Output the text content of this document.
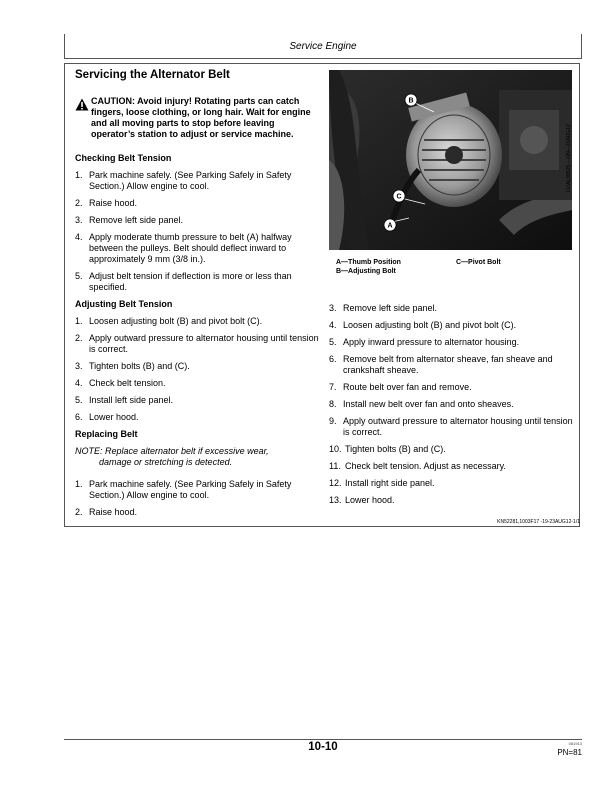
Service Engine
Servicing the Alternator Belt
CAUTION: Avoid injury! Rotating parts can catch fingers, loose clothing, or long hair. Wait for engine and all moving parts to stop before leaving operator’s station to adjust or service machine.
Checking Belt Tension
1. Park machine safely. (See Parking Safely in Safety Section.) Allow engine to cool.
2. Raise hood.
3. Remove left side panel.
4. Apply moderate thumb pressure to belt (A) halfway between the pulleys. Belt should deflect inward to approximately 9 mm (3/8 in.).
5. Adjust belt tension if deflection is more or less than specified.
Adjusting Belt Tension
1. Loosen adjusting bolt (B) and pivot bolt (C).
2. Apply outward pressure to alternator housing until tension is correct.
3. Tighten bolts (B) and (C).
4. Check belt tension.
5. Install left side panel.
6. Lower hood.
Replacing Belt
NOTE: Replace alternator belt if excessive wear,
damage or stretching is detected.
1. Park machine safely. (See Parking Safely in Safety Section.) Allow engine to cool.
2. Raise hood.
B
C
A
LV/AL38525 —UN—21AUG12
A—Thumb Position
B—Adjusting Bolt
C—Pivot Bolt
3. Remove left side panel.
4. Loosen adjusting bolt (B) and pivot bolt (C).
5. Apply inward pressure to alternator housing.
6. Remove belt from alternator sheave, fan sheave and crankshaft sheave.
7. Route belt over fan and remove.
8. Install new belt over fan and onto sheaves.
9. Apply outward pressure to alternator housing until tension is correct.
10. Tighten bolts (B) and (C).
11. Check belt tension. Adjust as necessary.
12. Install right side panel.
13. Lower hood.
KN52281,1003F17 -19-23AUG12-1/1
10-10	081913
PN=81
